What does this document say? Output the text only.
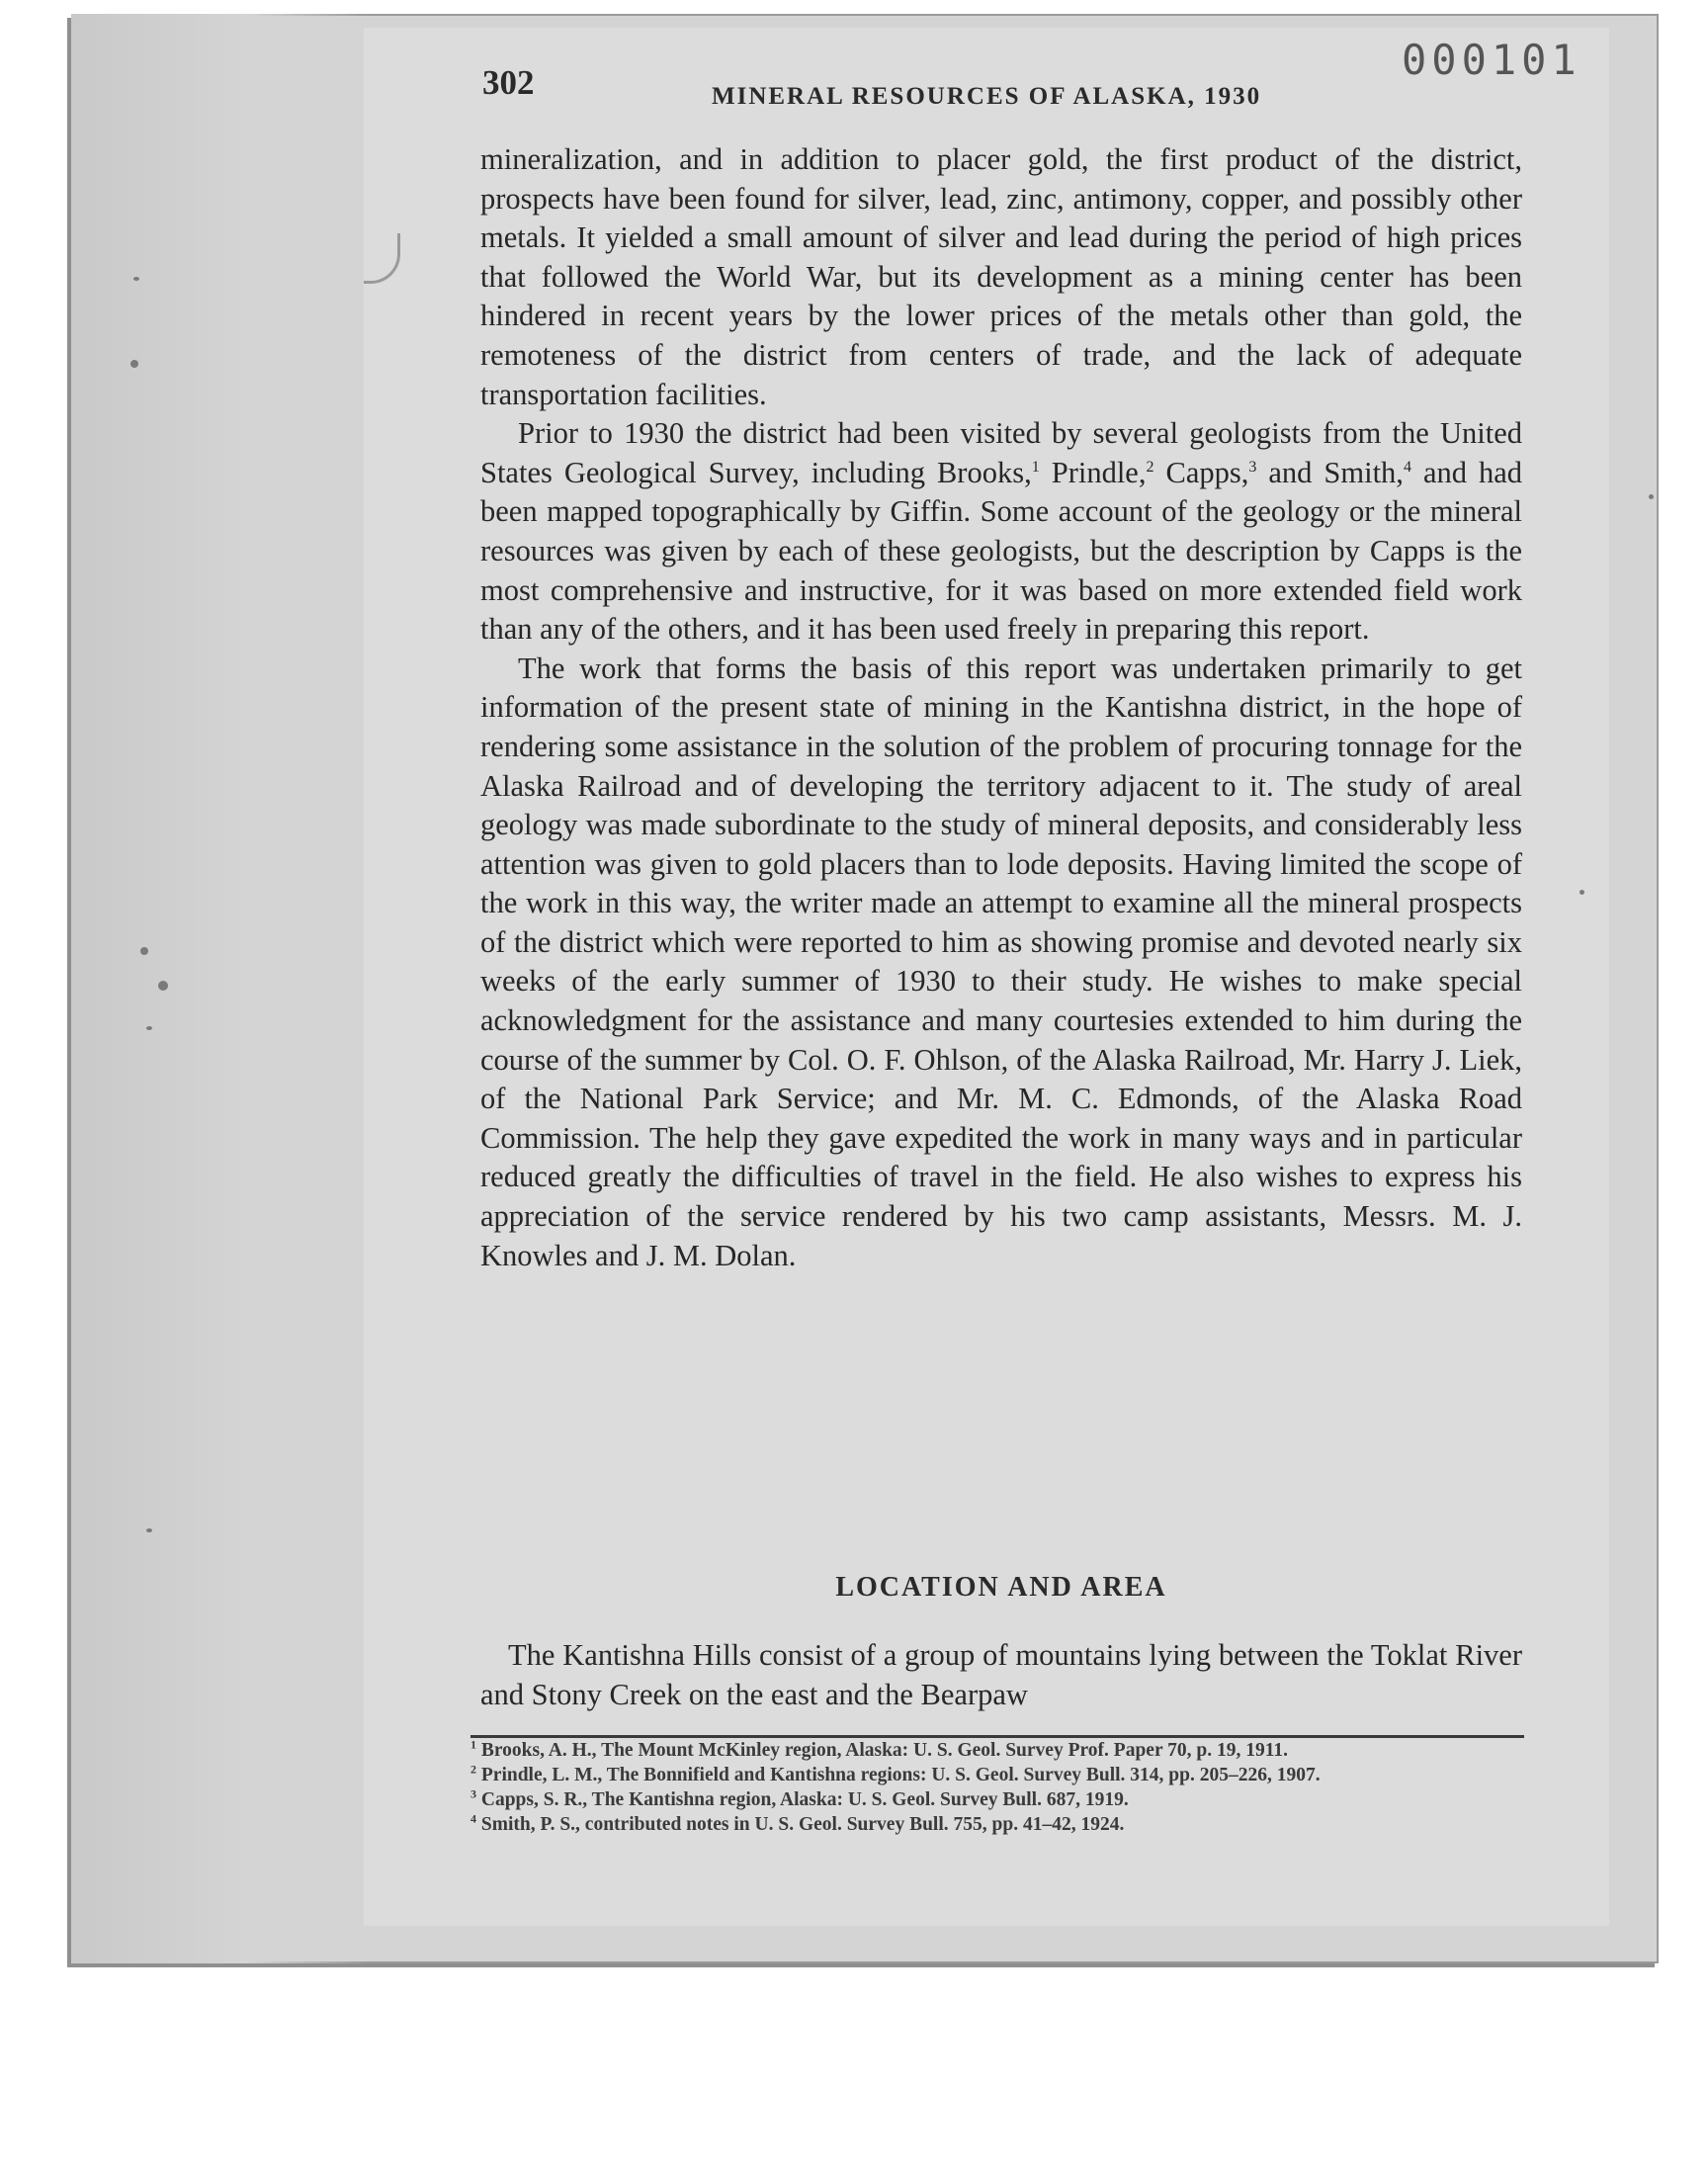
302	MINERAL RESOURCES OF ALASKA, 1930
000101

mineralization, and in addition to placer gold, the first product of the district, prospects have been found for silver, lead, zinc, antimony, copper, and possibly other metals. It yielded a small amount of silver and lead during the period of high prices that followed the World War, but its development as a mining center has been hindered in recent years by the lower prices of the metals other than gold, the remoteness of the district from centers of trade, and the lack of adequate transportation facilities.

Prior to 1930 the district had been visited by several geologists from the United States Geological Survey, including Brooks,$^1$ Prindle,$^2$ Capps,$^3$ and Smith,$^4$ and had been mapped topographically by Giffin. Some account of the geology or the mineral resources was given by each of these geologists, but the description by Capps is the most comprehensive and instructive, for it was based on more extended field work than any of the others, and it has been used freely in preparing this report.

The work that forms the basis of this report was undertaken primarily to get information of the present state of mining in the Kantishna district, in the hope of rendering some assistance in the solution of the problem of procuring tonnage for the Alaska Railroad and of developing the territory adjacent to it. The study of areal geology was made subordinate to the study of mineral deposits, and considerably less attention was given to gold placers than to lode deposits. Having limited the scope of the work in this way, the writer made an attempt to examine all the mineral prospects of the district which were reported to him as showing promise and devoted nearly six weeks of the early summer of 1930 to their study. He wishes to make special acknowledgment for the assistance and many courtesies extended to him during the course of the summer by Col. O. F. Ohlson, of the Alaska Railroad, Mr. Harry J. Liek, of the National Park Service; and Mr. M. C. Edmonds, of the Alaska Road Commission. The help they gave expedited the work in many ways and in particular reduced greatly the difficulties of travel in the field. He also wishes to express his appreciation of the service rendered by his two camp assistants, Messrs. M. J. Knowles and J. M. Dolan.

LOCATION AND AREA
The Kantishna Hills consist of a group of mountains lying between the Toklat River and Stony Creek on the east and the Bearpaw
$^1$ Brooks, A. H., The Mount McKinley region, Alaska: U. S. Geol. Survey Prof. Paper 70, p. 19, 1911.
$^2$ Prindle, L. M., The Bonnifield and Kantishna regions: U. S. Geol. Survey Bull. 314, pp. 205–226, 1907.
$^3$ Capps, S. R., The Kantishna region, Alaska: U. S. Geol. Survey Bull. 687, 1919.
$^4$ Smith, P. S., contributed notes in U. S. Geol. Survey Bull. 755, pp. 41–42, 1924.
